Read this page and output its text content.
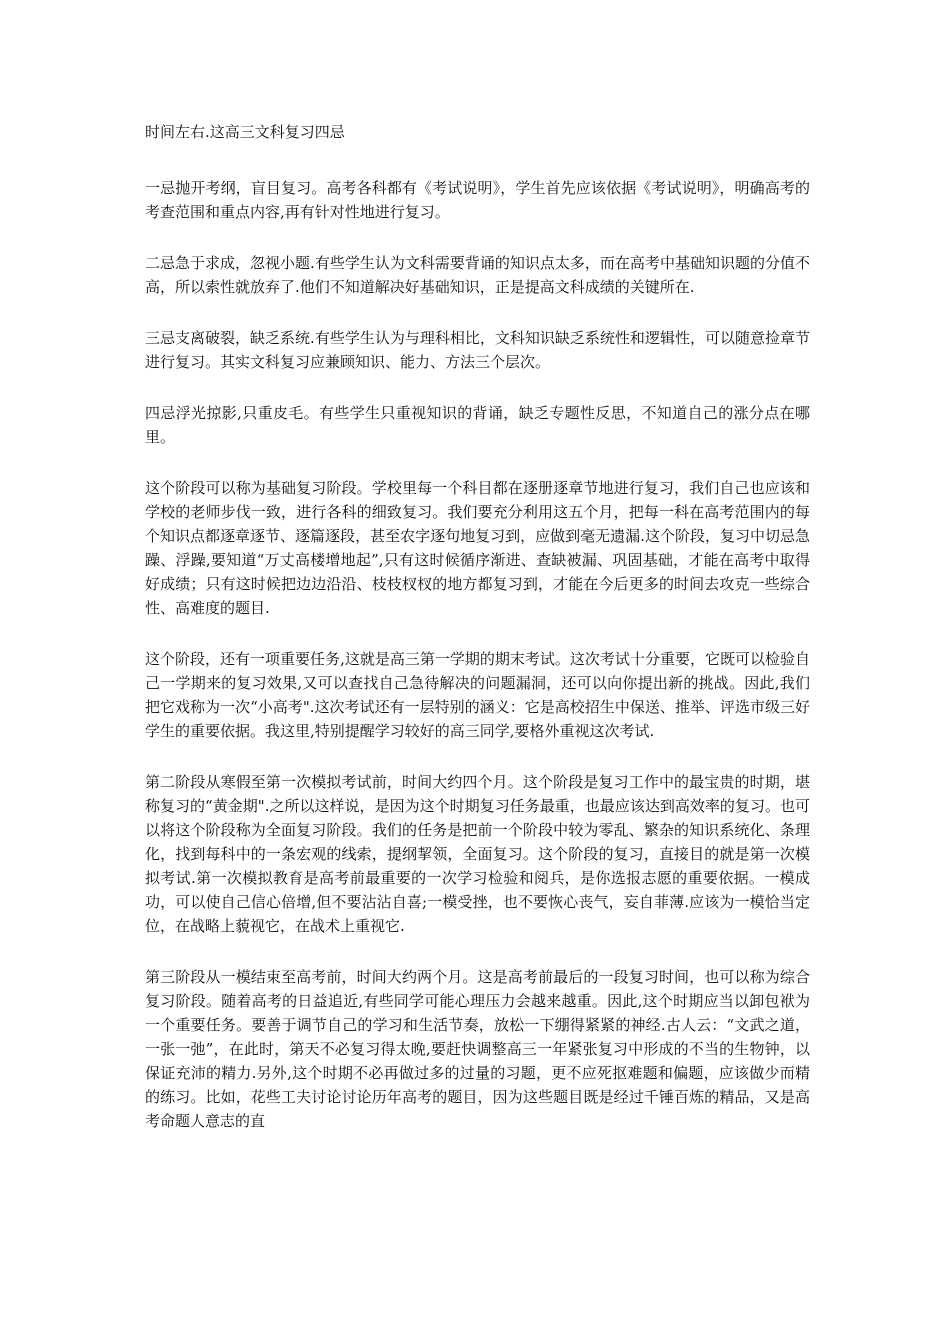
时间左右.这高三文科复习四忌

一忌抛开考纲，盲目复习。高考各科都有《考试说明》，学生首先应该依据《考试说明》，明确高考的考查范围和重点内容,再有针对性地进行复习。

二忌急于求成，忽视小题.有些学生认为文科需要背诵的知识点太多，而在高考中基础知识题的分值不高，所以索性就放弃了.他们不知道解决好基础知识，正是提高文科成绩的关键所在.

三忌支离破裂，缺乏系统.有些学生认为与理科相比，文科知识缺乏系统性和逻辑性，可以随意捡章节进行复习。其实文科复习应兼顾知识、能力、方法三个层次。

四忌浮光掠影,只重皮毛。有些学生只重视知识的背诵，缺乏专题性反思，不知道自己的涨分点在哪里。

这个阶段可以称为基础复习阶段。学校里每一个科目都在逐册逐章节地进行复习，我们自己也应该和学校的老师步伐一致，进行各科的细致复习。我们要充分利用这五个月，把每一科在高考范围内的每个知识点都逐章逐节、逐篇逐段，甚至农字逐句地复习到，应做到毫无遗漏.这个阶段，复习中切忌急躁、浮躁,要知道“万丈高楼增地起”,只有这时候循序渐进、查缺被漏、巩固基础，才能在高考中取得好成绩；只有这时候把边边沿沿、枝枝杈杈的地方都复习到，才能在今后更多的时间去攻克一些综合性、高难度的题目.

这个阶段，还有一项重要任务,这就是高三第一学期的期末考试。这次考试十分重要，它既可以检验自己一学期来的复习效果,又可以查找自己急待解决的问题漏洞，还可以向你提出新的挑战。因此,我们把它戏称为一次“小高考".这次考试还有一层特别的涵义：它是高校招生中保送、推举、评选市级三好学生的重要依据。我这里,特别提醒学习较好的高三同学,要格外重视这次考试.

第二阶段从寒假至第一次模拟考试前，时间大约四个月。这个阶段是复习工作中的最宝贵的时期，堪称复习的“黄金期".之所以这样说，是因为这个时期复习任务最重，也最应该达到高效率的复习。也可以将这个阶段称为全面复习阶段。我们的任务是把前一个阶段中较为零乱、繁杂的知识系统化、条理化，找到每科中的一条宏观的线索，提纲挈领，全面复习。这个阶段的复习，直接目的就是第一次模拟考试.第一次模拟教育是高考前最重要的一次学习检验和阅兵，是你选报志愿的重要依据。一模成功，可以使自己信心倍增,但不要沾沾自喜;一模受挫，也不要恢心丧气，妄自菲薄.应该为一模恰当定位，在战略上藐视它，在战术上重视它.

第三阶段从一模结束至高考前，时间大约两个月。这是高考前最后的一段复习时间，也可以称为综合复习阶段。随着高考的日益追近,有些同学可能心理压力会越来越重。因此,这个时期应当以卸包袱为一个重要任务。要善于调节自己的学习和生活节奏，放松一下绷得紧紧的神经.古人云：“文武之道，一张一弛”，在此时，第天不必复习得太晚,要赶快调整高三一年紧张复习中形成的不当的生物钟，以保证充沛的精力.另外,这个时期不必再做过多的过量的习题，更不应死抠难题和偏题，应该做少而精的练习。比如，花些工夫讨论讨论历年高考的题目，因为这些题目既是经过千锤百炼的精品，又是高考命题人意志的直
